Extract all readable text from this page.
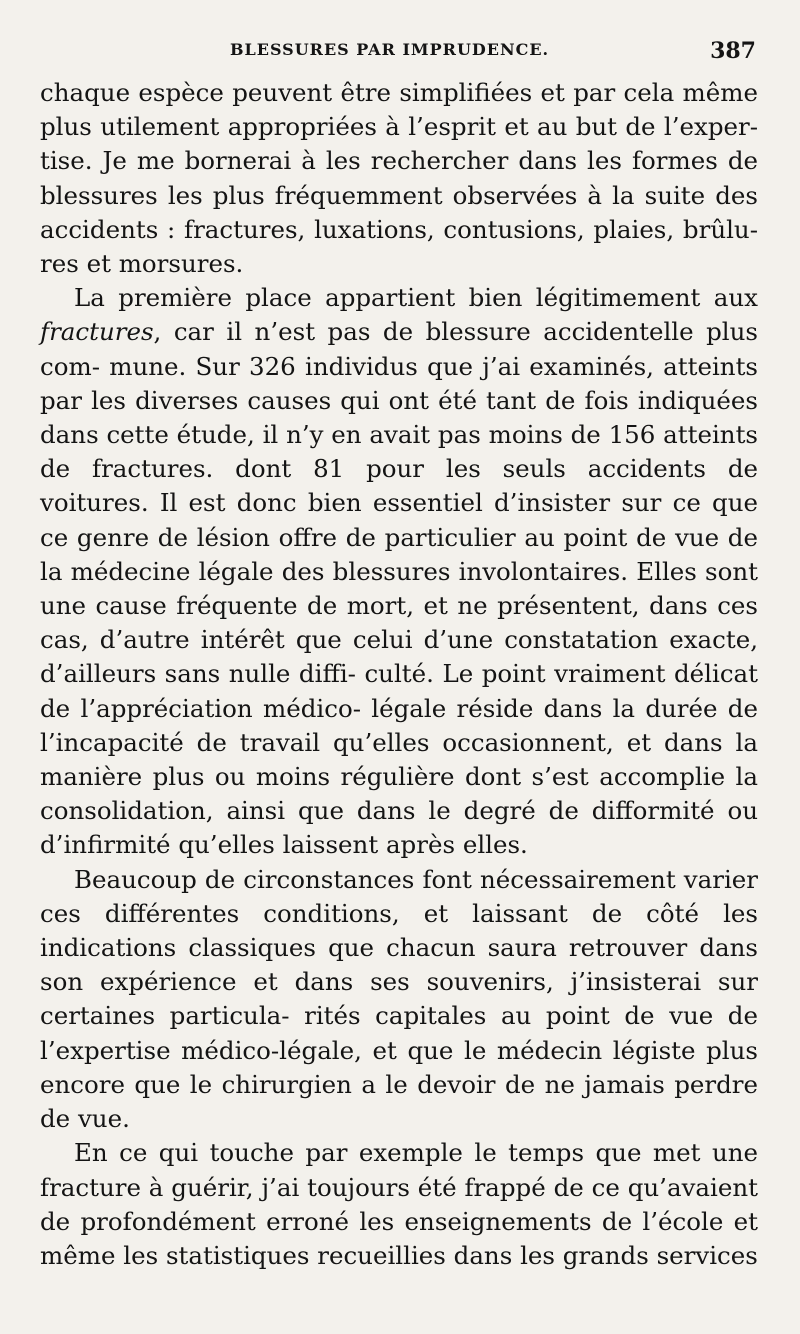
BLESSURES PAR IMPRUDENCE.	387

chaque espèce peuvent être simplifiées et par cela même plus utilement appropriées à l’esprit et au but de l’exper- tise. Je me bornerai à les rechercher dans les formes de blessures les plus fréquemment observées à la suite des accidents : fractures, luxations, contusions, plaies, brûlu- res et morsures.

La première place appartient bien légitimement aux fractures, car il n’est pas de blessure accidentelle plus com- mune. Sur 326 individus que j’ai examinés, atteints par les diverses causes qui ont été tant de fois indiquées dans cette étude, il n’y en avait pas moins de 156 atteints de fractures. dont 81 pour les seuls accidents de voitures. Il est donc bien essentiel d’insister sur ce que ce genre de lésion offre de particulier au point de vue de la médecine légale des blessures involontaires. Elles sont une cause fréquente de mort, et ne présentent, dans ces cas, d’autre intérêt que celui d’une constatation exacte, d’ailleurs sans nulle diffi- culté. Le point vraiment délicat de l’appréciation médico- légale réside dans la durée de l’incapacité de travail qu’elles occasionnent, et dans la manière plus ou moins régulière dont s’est accomplie la consolidation, ainsi que dans le degré de difformité ou d’infirmité qu’elles laissent après elles.

Beaucoup de circonstances font nécessairement varier ces différentes conditions, et laissant de côté les indications classiques que chacun saura retrouver dans son expérience et dans ses souvenirs, j’insisterai sur certaines particula- rités capitales au point de vue de l’expertise médico-légale, et que le médecin légiste plus encore que le chirurgien a le devoir de ne jamais perdre de vue.

En ce qui touche par exemple le temps que met une fracture à guérir, j’ai toujours été frappé de ce qu’avaient de profondément erroné les enseignements de l’école et même les statistiques recueillies dans les grands services
